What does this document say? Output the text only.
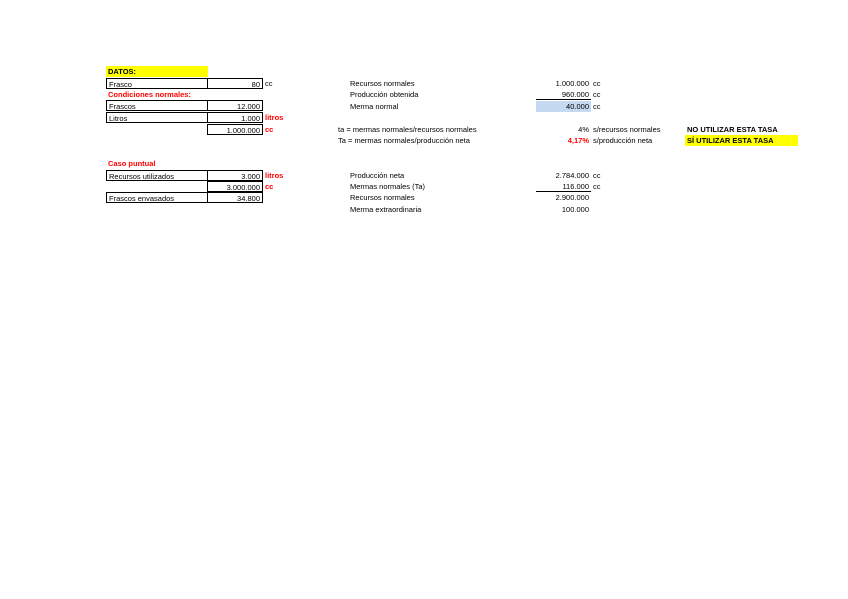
DATOS:
Frasco	80 cc
Condiciones normales:
Frascos	12.000
Litros	1.000 litros
1.000.000 cc
Caso puntual
Recursos utilizados	3.000 litros
3.000.000 cc
Frascos envasados	34.800
Recursos normales	1.000.000 cc
Producción obtenida	960.000 cc
Merma normal	40.000 cc
ta = mermas normales/recursos normales	4% s/recursos normales	NO UTILIZAR ESTA TASA
Ta = mermas normales/producción neta	4,17% s/producción neta	SÍ UTILIZAR ESTA TASA
Producción neta	2.784.000 cc
Mermas normales (Ta)	116.000 cc
Recursos normales	2.900.000
Merma extraordinaria	100.000
